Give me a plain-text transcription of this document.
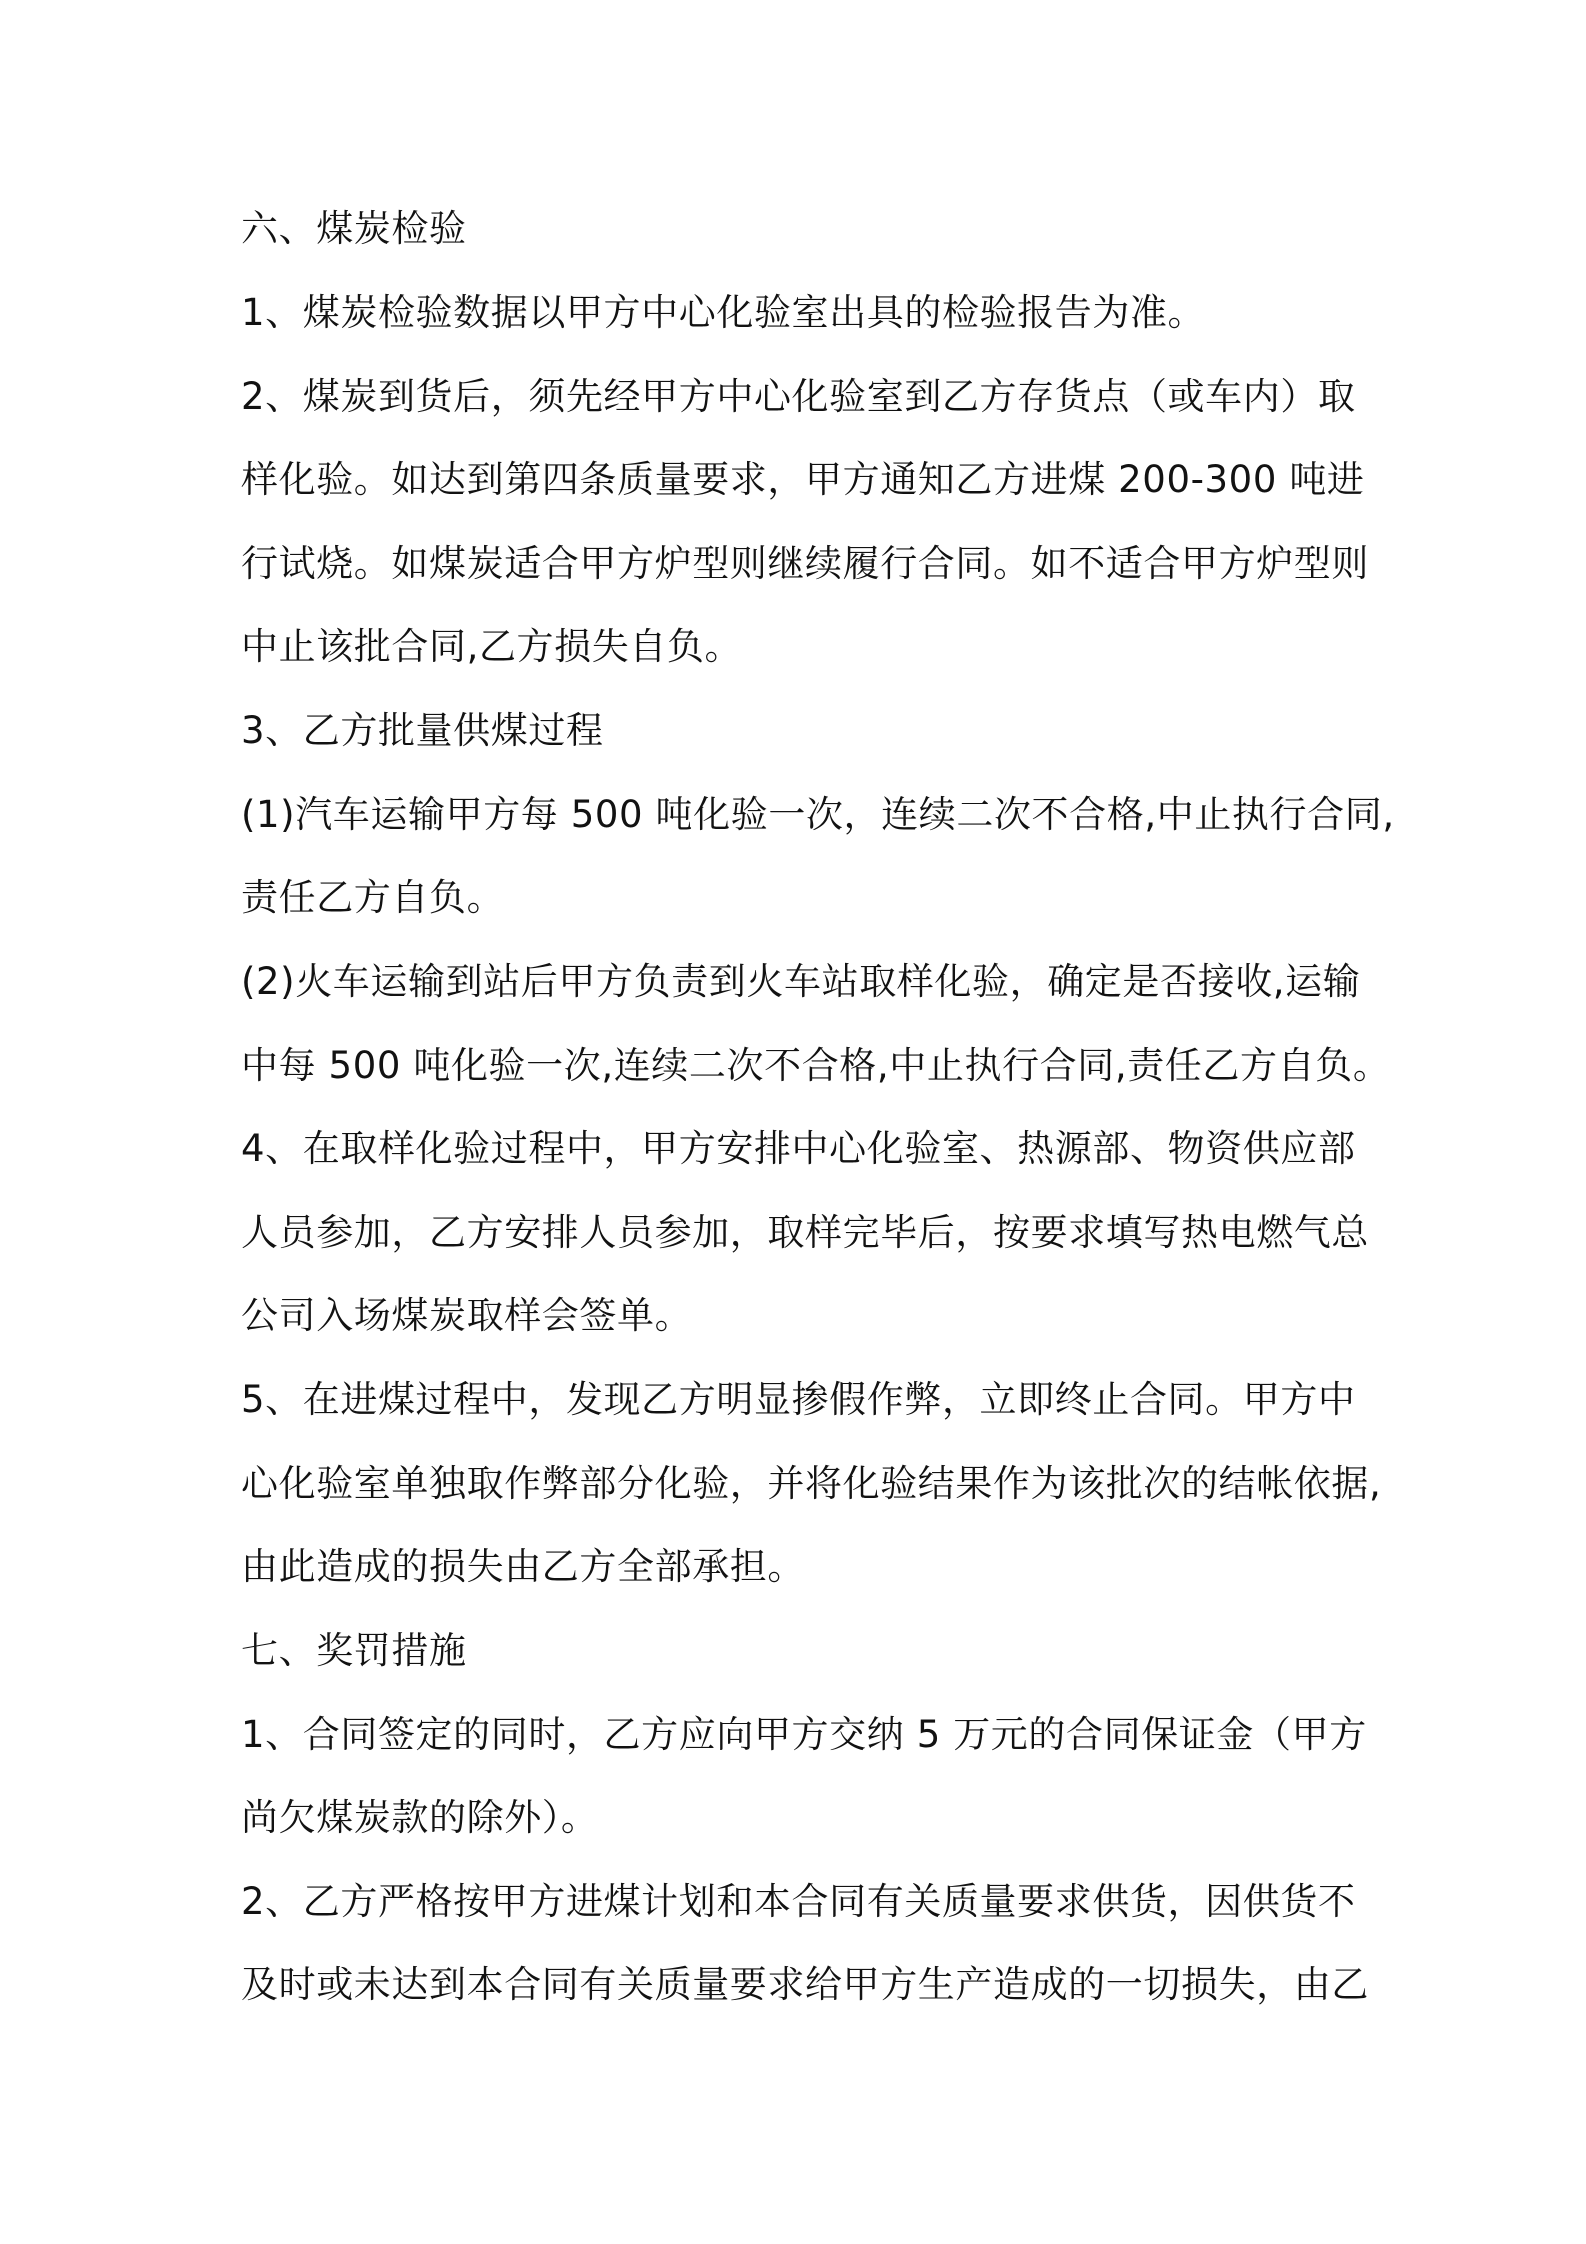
六、煤炭检验
1、煤炭检验数据以甲方中心化验室出具的检验报告为准。
2、煤炭到货后，须先经甲方中心化验室到乙方存货点（或车内）取
样化验。如达到第四条质量要求，甲方通知乙方进煤 200-300 吨进
行试烧。如煤炭适合甲方炉型则继续履行合同。如不适合甲方炉型则
中止该批合同,乙方损失自负。
3、乙方批量供煤过程
(1)汽车运输甲方每 500 吨化验一次，连续二次不合格,中止执行合同,
责任乙方自负。
(2)火车运输到站后甲方负责到火车站取样化验，确定是否接收,运输
中每 500 吨化验一次,连续二次不合格,中止执行合同,责任乙方自负。
4、在取样化验过程中，甲方安排中心化验室、热源部、物资供应部
人员参加，乙方安排人员参加，取样完毕后，按要求填写热电燃气总
公司入场煤炭取样会签单。
5、在进煤过程中，发现乙方明显掺假作弊，立即终止合同。甲方中
心化验室单独取作弊部分化验，并将化验结果作为该批次的结帐依据,
由此造成的损失由乙方全部承担。
七、奖罚措施
1、合同签定的同时，乙方应向甲方交纳 5 万元的合同保证金（甲方
尚欠煤炭款的除外）。
2、乙方严格按甲方进煤计划和本合同有关质量要求供货，因供货不
及时或未达到本合同有关质量要求给甲方生产造成的一切损失，由乙
